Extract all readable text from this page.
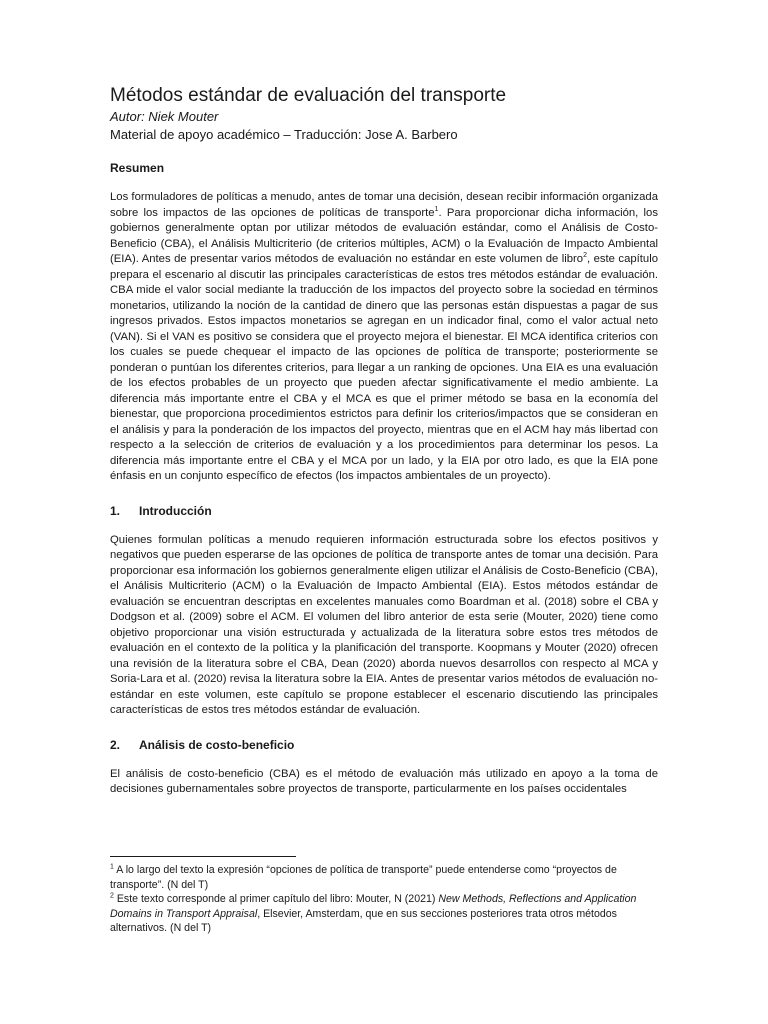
Métodos estándar de evaluación del transporte

Autor: Niek Mouter

Material de apoyo académico – Traducción: Jose A. Barbero

Resumen

Los formuladores de políticas a menudo, antes de tomar una decisión, desean recibir información organizada sobre los impactos de las opciones de políticas de transporte$^1$. Para proporcionar dicha información, los gobiernos generalmente optan por utilizar métodos de evaluación estándar, como el Análisis de Costo-Beneficio (CBA), el Análisis Multicriterio (de criterios múltiples, ACM) o la Evaluación de Impacto Ambiental (EIA). Antes de presentar varios métodos de evaluación no estándar en este volumen de libro$^2$, este capítulo prepara el escenario al discutir las principales características de estos tres métodos estándar de evaluación. CBA mide el valor social mediante la traducción de los impactos del proyecto sobre la sociedad en términos monetarios, utilizando la noción de la cantidad de dinero que las personas están dispuestas a pagar de sus ingresos privados. Estos impactos monetarios se agregan en un indicador final, como el valor actual neto (VAN). Si el VAN es positivo se considera que el proyecto mejora el bienestar. El MCA identifica criterios con los cuales se puede chequear el impacto de las opciones de política de transporte; posteriormente se ponderan o puntúan los diferentes criterios, para llegar a un ranking de opciones. Una EIA es una evaluación de los efectos probables de un proyecto que pueden afectar significativamente el medio ambiente. La diferencia más importante entre el CBA y el MCA es que el primer método se basa en la economía del bienestar, que proporciona procedimientos estrictos para definir los criterios/impactos que se consideran en el análisis y para la ponderación de los impactos del proyecto, mientras que en el ACM hay más libertad con respecto a la selección de criterios de evaluación y a los procedimientos para determinar los pesos. La diferencia más importante entre el CBA y el MCA por un lado, y la EIA por otro lado, es que la EIA pone énfasis en un conjunto específico de efectos (los impactos ambientales de un proyecto).

1.	Introducción

Quienes formulan políticas a menudo requieren información estructurada sobre los efectos positivos y negativos que pueden esperarse de las opciones de política de transporte antes de tomar una decisión. Para proporcionar esa información los gobiernos generalmente eligen utilizar el Análisis de Costo-Beneficio (CBA), el Análisis Multicriterio (ACM) o la Evaluación de Impacto Ambiental (EIA). Estos métodos estándar de evaluación se encuentran descriptas en excelentes manuales como Boardman et al. (2018) sobre el CBA y Dodgson et al. (2009) sobre el ACM. El volumen del libro anterior de esta serie (Mouter, 2020) tiene como objetivo proporcionar una visión estructurada y actualizada de la literatura sobre estos tres métodos de evaluación en el contexto de la política y la planificación del transporte. Koopmans y Mouter (2020) ofrecen una revisión de la literatura sobre el CBA, Dean (2020) aborda nuevos desarrollos con respecto al MCA y Soria-Lara et al. (2020) revisa la literatura sobre la EIA. Antes de presentar varios métodos de evaluación no-estándar en este volumen, este capítulo se propone establecer el escenario discutiendo las principales características de estos tres métodos estándar de evaluación.

2.	Análisis de costo-beneficio

El análisis de costo-beneficio (CBA) es el método de evaluación más utilizado en apoyo a la toma de decisiones gubernamentales sobre proyectos de transporte, particularmente en los países occidentales

$^1$ A lo largo del texto la expresión “opciones de política de transporte” puede entenderse como “proyectos de transporte”. (N del T)

$^2$ Este texto corresponde al primer capítulo del libro: Mouter, N (2021) New Methods, Reflections and Application Domains in Transport Appraisal, Elsevier, Amsterdam, que en sus secciones posteriores trata otros métodos alternativos. (N del T)
